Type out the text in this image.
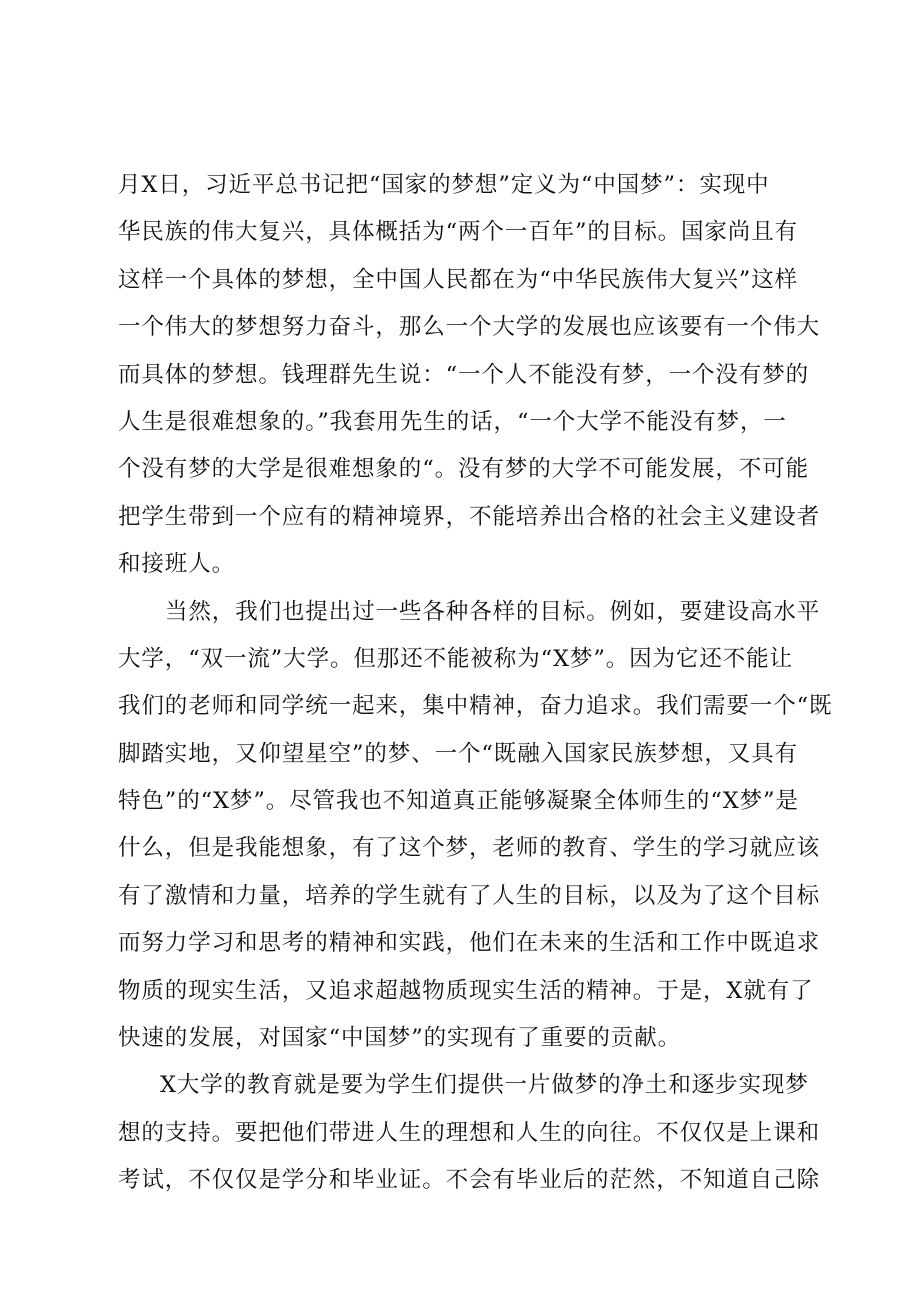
月X日，习近平总书记把“国家的梦想”定义为“中国梦”：实现中
华民族的伟大复兴，具体概括为“两个一百年”的目标。国家尚且有
这样一个具体的梦想，全中国人民都在为“中华民族伟大复兴”这样
一个伟大的梦想努力奋斗，那么一个大学的发展也应该要有一个伟大
而具体的梦想。钱理群先生说：“一个人不能没有梦，一个没有梦的
人生是很难想象的。”我套用先生的话，“一个大学不能没有梦，一
个没有梦的大学是很难想象的“。没有梦的大学不可能发展，不可能
把学生带到一个应有的精神境界，不能培养出合格的社会主义建设者
和接班人。
当然，我们也提出过一些各种各样的目标。例如，要建设高水平
大学，“双一流”大学。但那还不能被称为“X梦”。因为它还不能让
我们的老师和同学统一起来，集中精神，奋力追求。我们需要一个“既
脚踏实地，又仰望星空”的梦、一个“既融入国家民族梦想，又具有
特色”的“X梦”。尽管我也不知道真正能够凝聚全体师生的“X梦”是
什么，但是我能想象，有了这个梦，老师的教育、学生的学习就应该
有了激情和力量，培养的学生就有了人生的目标，以及为了这个目标
而努力学习和思考的精神和实践，他们在未来的生活和工作中既追求
物质的现实生活，又追求超越物质现实生活的精神。于是，X就有了
快速的发展，对国家“中国梦”的实现有了重要的贡献。
X大学的教育就是要为学生们提供一片做梦的净土和逐步实现梦
想的支持。要把他们带进人生的理想和人生的向往。不仅仅是上课和
考试，不仅仅是学分和毕业证。不会有毕业后的茫然，不知道自己除
